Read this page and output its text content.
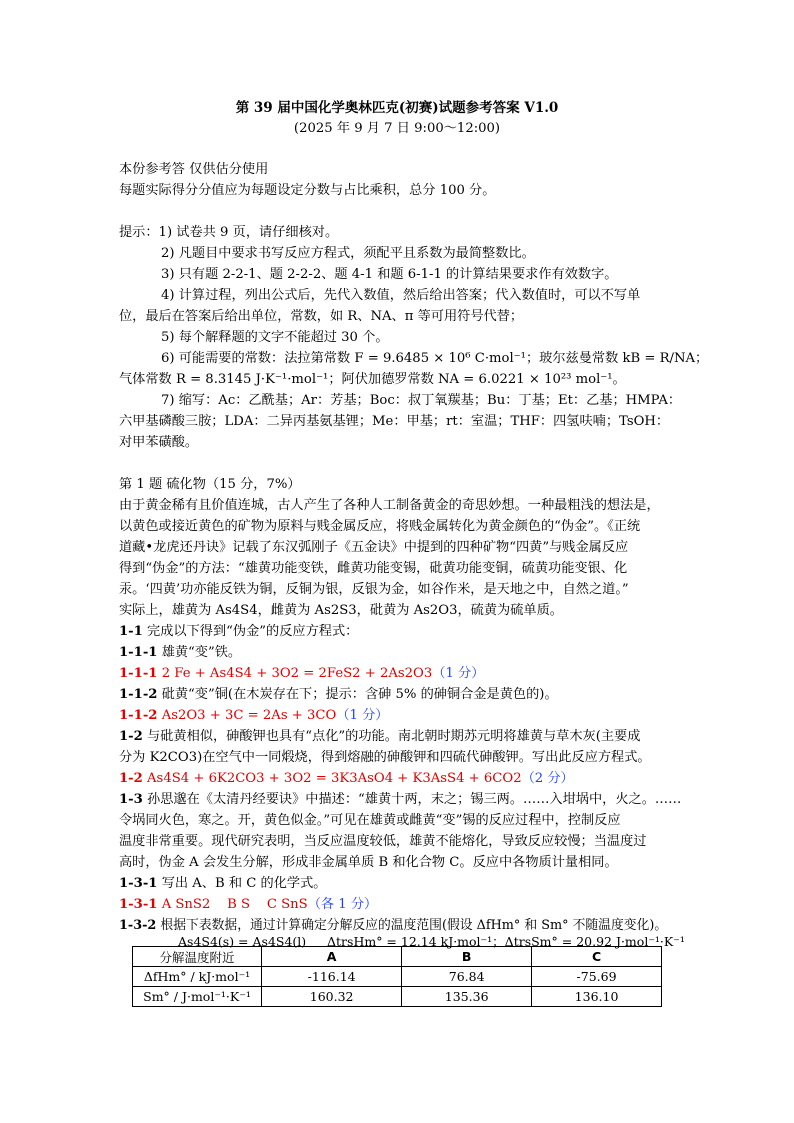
第 39 届中国化学奥林匹克(初赛)试题参考答案 V1.0
(2025 年 9 月 7 日 9:00～12:00)
本份参考答 仅供估分使用
每题实际得分分值应为每题设定分数与占比乘积，总分 100 分。
提示：1) 试卷共 9 页，请仔细核对。
2) 凡题目中要求书写反应方程式，须配平且系数为最简整数比。
3) 只有题 2-2-1、题 2-2-2、题 4-1 和题 6-1-1 的计算结果要求作有效数字。
4) 计算过程，列出公式后，先代入数值，然后给出答案；代入数值时，可以不写单
位，最后在答案后给出单位，常数，如 R、NA、π 等可用符号代替；
5) 每个解释题的文字不能超过 30 个。
6) 可能需要的常数：法拉第常数 F = 9.6485 × 10⁶ C·mol⁻¹；玻尔兹曼常数 kB = R/NA；
气体常数 R = 8.3145 J·K⁻¹·mol⁻¹；阿伏加德罗常数 NA = 6.0221 × 10²³ mol⁻¹。
7) 缩写：Ac：乙酰基；Ar：芳基；Boc：叔丁氧羰基；Bu：丁基；Et：乙基；HMPA：
六甲基磷酸三胺；LDA：二异丙基氨基锂；Me：甲基；rt：室温；THF：四氢呋喃；TsOH：
对甲苯磺酸。
第 1 题 硫化物（15 分，7%）
由于黄金稀有且价值连城，古人产生了各种人工制备黄金的奇思妙想。一种最粗浅的想法是，
以黄色或接近黄色的矿物为原料与贱金属反应，将贱金属转化为黄金颜色的“伪金”。《正统
道藏•龙虎还丹诀》记载了东汉弧刚子《五金诀》中提到的四种矿物“四黄”与贱金属反应
得到“伪金”的方法：“雄黄功能变铁，雌黄功能变锡，砒黄功能变铜，硫黄功能变银、化
汞。‘四黄’功亦能反铁为铜，反铜为银，反银为金，如谷作米，是天地之中，自然之道。”
实际上，雄黄为 As4S4，雌黄为 As2S3，砒黄为 As2O3，硫黄为硫单质。
1-1 完成以下得到“伪金”的反应方程式：
1-1-1 雄黄“变”铁。
1-1-1 2 Fe + As4S4 + 3O2 = 2FeS2 + 2As2O3（1 分）
1-1-2 砒黄“变”铜(在木炭存在下；提示：含砷 5% 的砷铜合金是黄色的)。
1-1-2 As2O3 + 3C = 2As + 3CO（1 分）
1-2 与砒黄相似，砷酸钾也具有“点化”的功能。南北朝时期苏元明将雄黄与草木灰(主要成
分为 K2CO3)在空气中一同煅烧，得到熔融的砷酸钾和四硫代砷酸钾。写出此反应方程式。
1-2 As4S4 + 6K2CO3 + 3O2 = 3K3AsO4 + K3AsS4 + 6CO2（2 分）
1-3 孙思邈在《太清丹经要诀》中描述：“雄黄十两，末之；锡三两。……入坩埚中，火之。……
令埚同火色，寒之。开，黄色似金。”可见在雄黄或雌黄“变”锡的反应过程中，控制反应
温度非常重要。现代研究表明，当反应温度较低，雄黄不能熔化，导致反应较慢；当温度过
高时，伪金 A 会发生分解，形成非金属单质 B 和化合物 C。反应中各物质计量相同。
1-3-1 写出 A、B 和 C 的化学式。
1-3-1 A SnS2 B S C SnS（各 1 分）
1-3-2 根据下表数据，通过计算确定分解反应的温度范围(假设 ΔfHm° 和 Sm° 不随温度变化)。
As4S4(s) = As4S4(l) ΔtrsHm° = 12.14 kJ·mol⁻¹；ΔtrsSm° = 20.92 J·mol⁻¹·K⁻¹
分解温度附近	A	B	C
ΔfHm° / kJ·mol⁻¹	-116.14	76.84	-75.69
Sm° / J·mol⁻¹·K⁻¹	160.32	135.36	136.10
